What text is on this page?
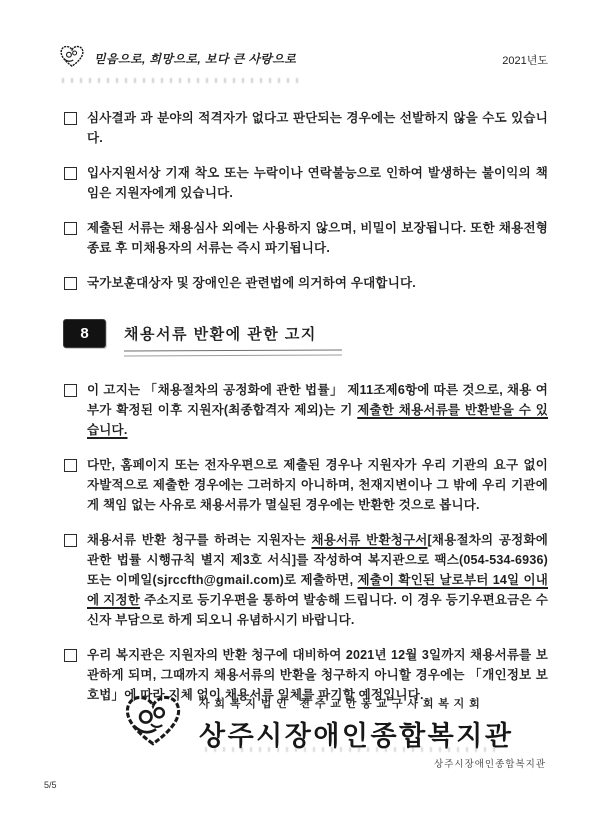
믿음으로, 희망으로, 보다 큰 사랑으로	2021년도
심사결과 과 분야의 적격자가 없다고 판단되는 경우에는 선발하지 않을 수도 있습니다.
입사지원서상 기재 착오 또는 누락이나 연락불능으로 인하여 발생하는 불이익의 책임은 지원자에게 있습니다.
제출된 서류는 채용심사 외에는 사용하지 않으며, 비밀이 보장됩니다. 또한 채용전형 종료 후 미채용자의 서류는 즉시 파기됩니다.
국가보훈대상자 및 장애인은 관련법에 의거하여 우대합니다.
8	채용서류 반환에 관한 고지
이 고지는 「채용절차의 공정화에 관한 법률」 제11조제6항에 따른 것으로, 채용 여부가 확정된 이후 지원자(최종합격자 제외)는 기 제출한 채용서류를 반환받을 수 있습니다.
다만, 홈페이지 또는 전자우편으로 제출된 경우나 지원자가 우리 기관의 요구 없이 자발적으로 제출한 경우에는 그러하지 아니하며, 천재지변이나 그 밖에 우리 기관에게 책임 없는 사유로 채용서류가 멸실된 경우에는 반환한 것으로 봅니다.
채용서류 반환 청구를 하려는 지원자는 채용서류 반환청구서[채용절차의 공정화에 관한 법률 시행규칙 별지 제3호 서식]를 작성하여 복지관으로 팩스(054-534-6936) 또는 이메일(sjrccfth@gmail.com)로 제출하면, 제출이 확인된 날로부터 14일 이내에 지정한 주소지로 등기우편을 통하여 발송해 드립니다. 이 경우 등기우편요금은 수신자 부담으로 하게 되오니 유념하시기 바랍니다.
우리 복지관은 지원자의 반환 청구에 대비하여 2021년 12월 3일까지 채용서류를 보관하게 되며, 그때까지 채용서류의 반환을 청구하지 아니할 경우에는 「개인정보 보호법」에 따라 지체 없이 채용서류 일체를 파기할 예정입니다.
사회복지법인 천주교안동교구사회복지회
상주시장애인종합복지관
상주시장애인종합복지관
5/5
